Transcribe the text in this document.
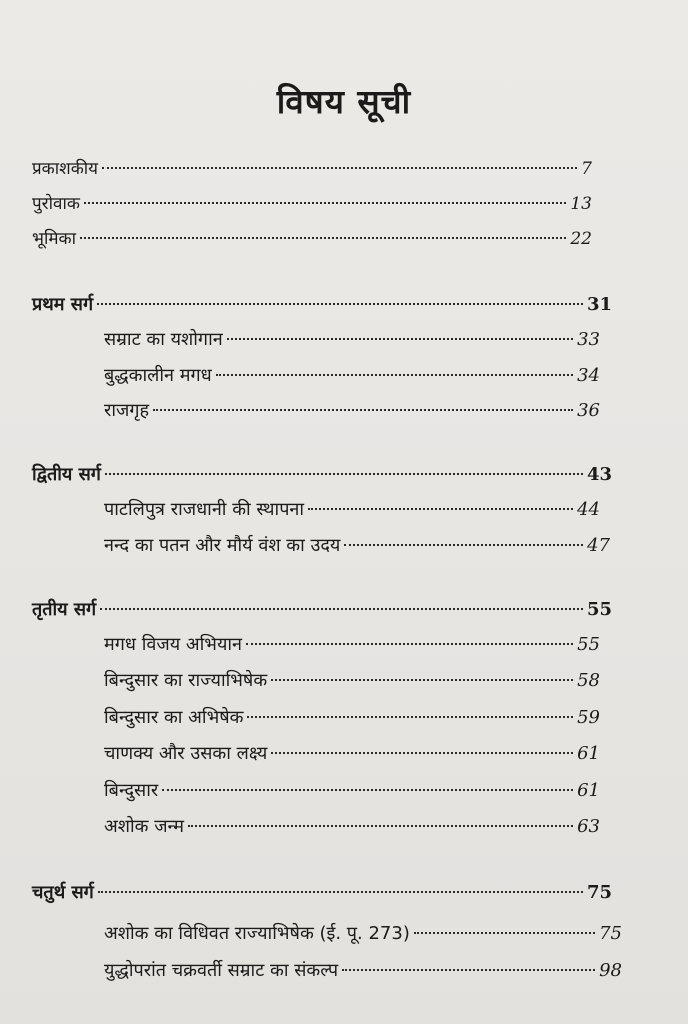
विषय सूची
प्रकाशकीय	7
पुरोवाक	13
भूमिका	22
प्रथम सर्ग	31
सम्राट का यशोगान	33
बुद्धकालीन मगध	34
राजगृह	36
द्वितीय सर्ग	43
पाटलिपुत्र राजधानी की स्थापना	44
नन्द का पतन और मौर्य वंश का उदय	47
तृतीय सर्ग	55
मगध विजय अभियान	55
बिन्दुसार का राज्याभिषेक	58
बिन्दुसार का अभिषेक	59
चाणक्य और उसका लक्ष्य	61
बिन्दुसार	61
अशोक जन्म	63
चतुर्थ सर्ग	75
अशोक का विधिवत राज्याभिषेक (ई. पू. 273)	75
युद्धोपरांत चक्रवर्ती सम्राट का संकल्प	98
